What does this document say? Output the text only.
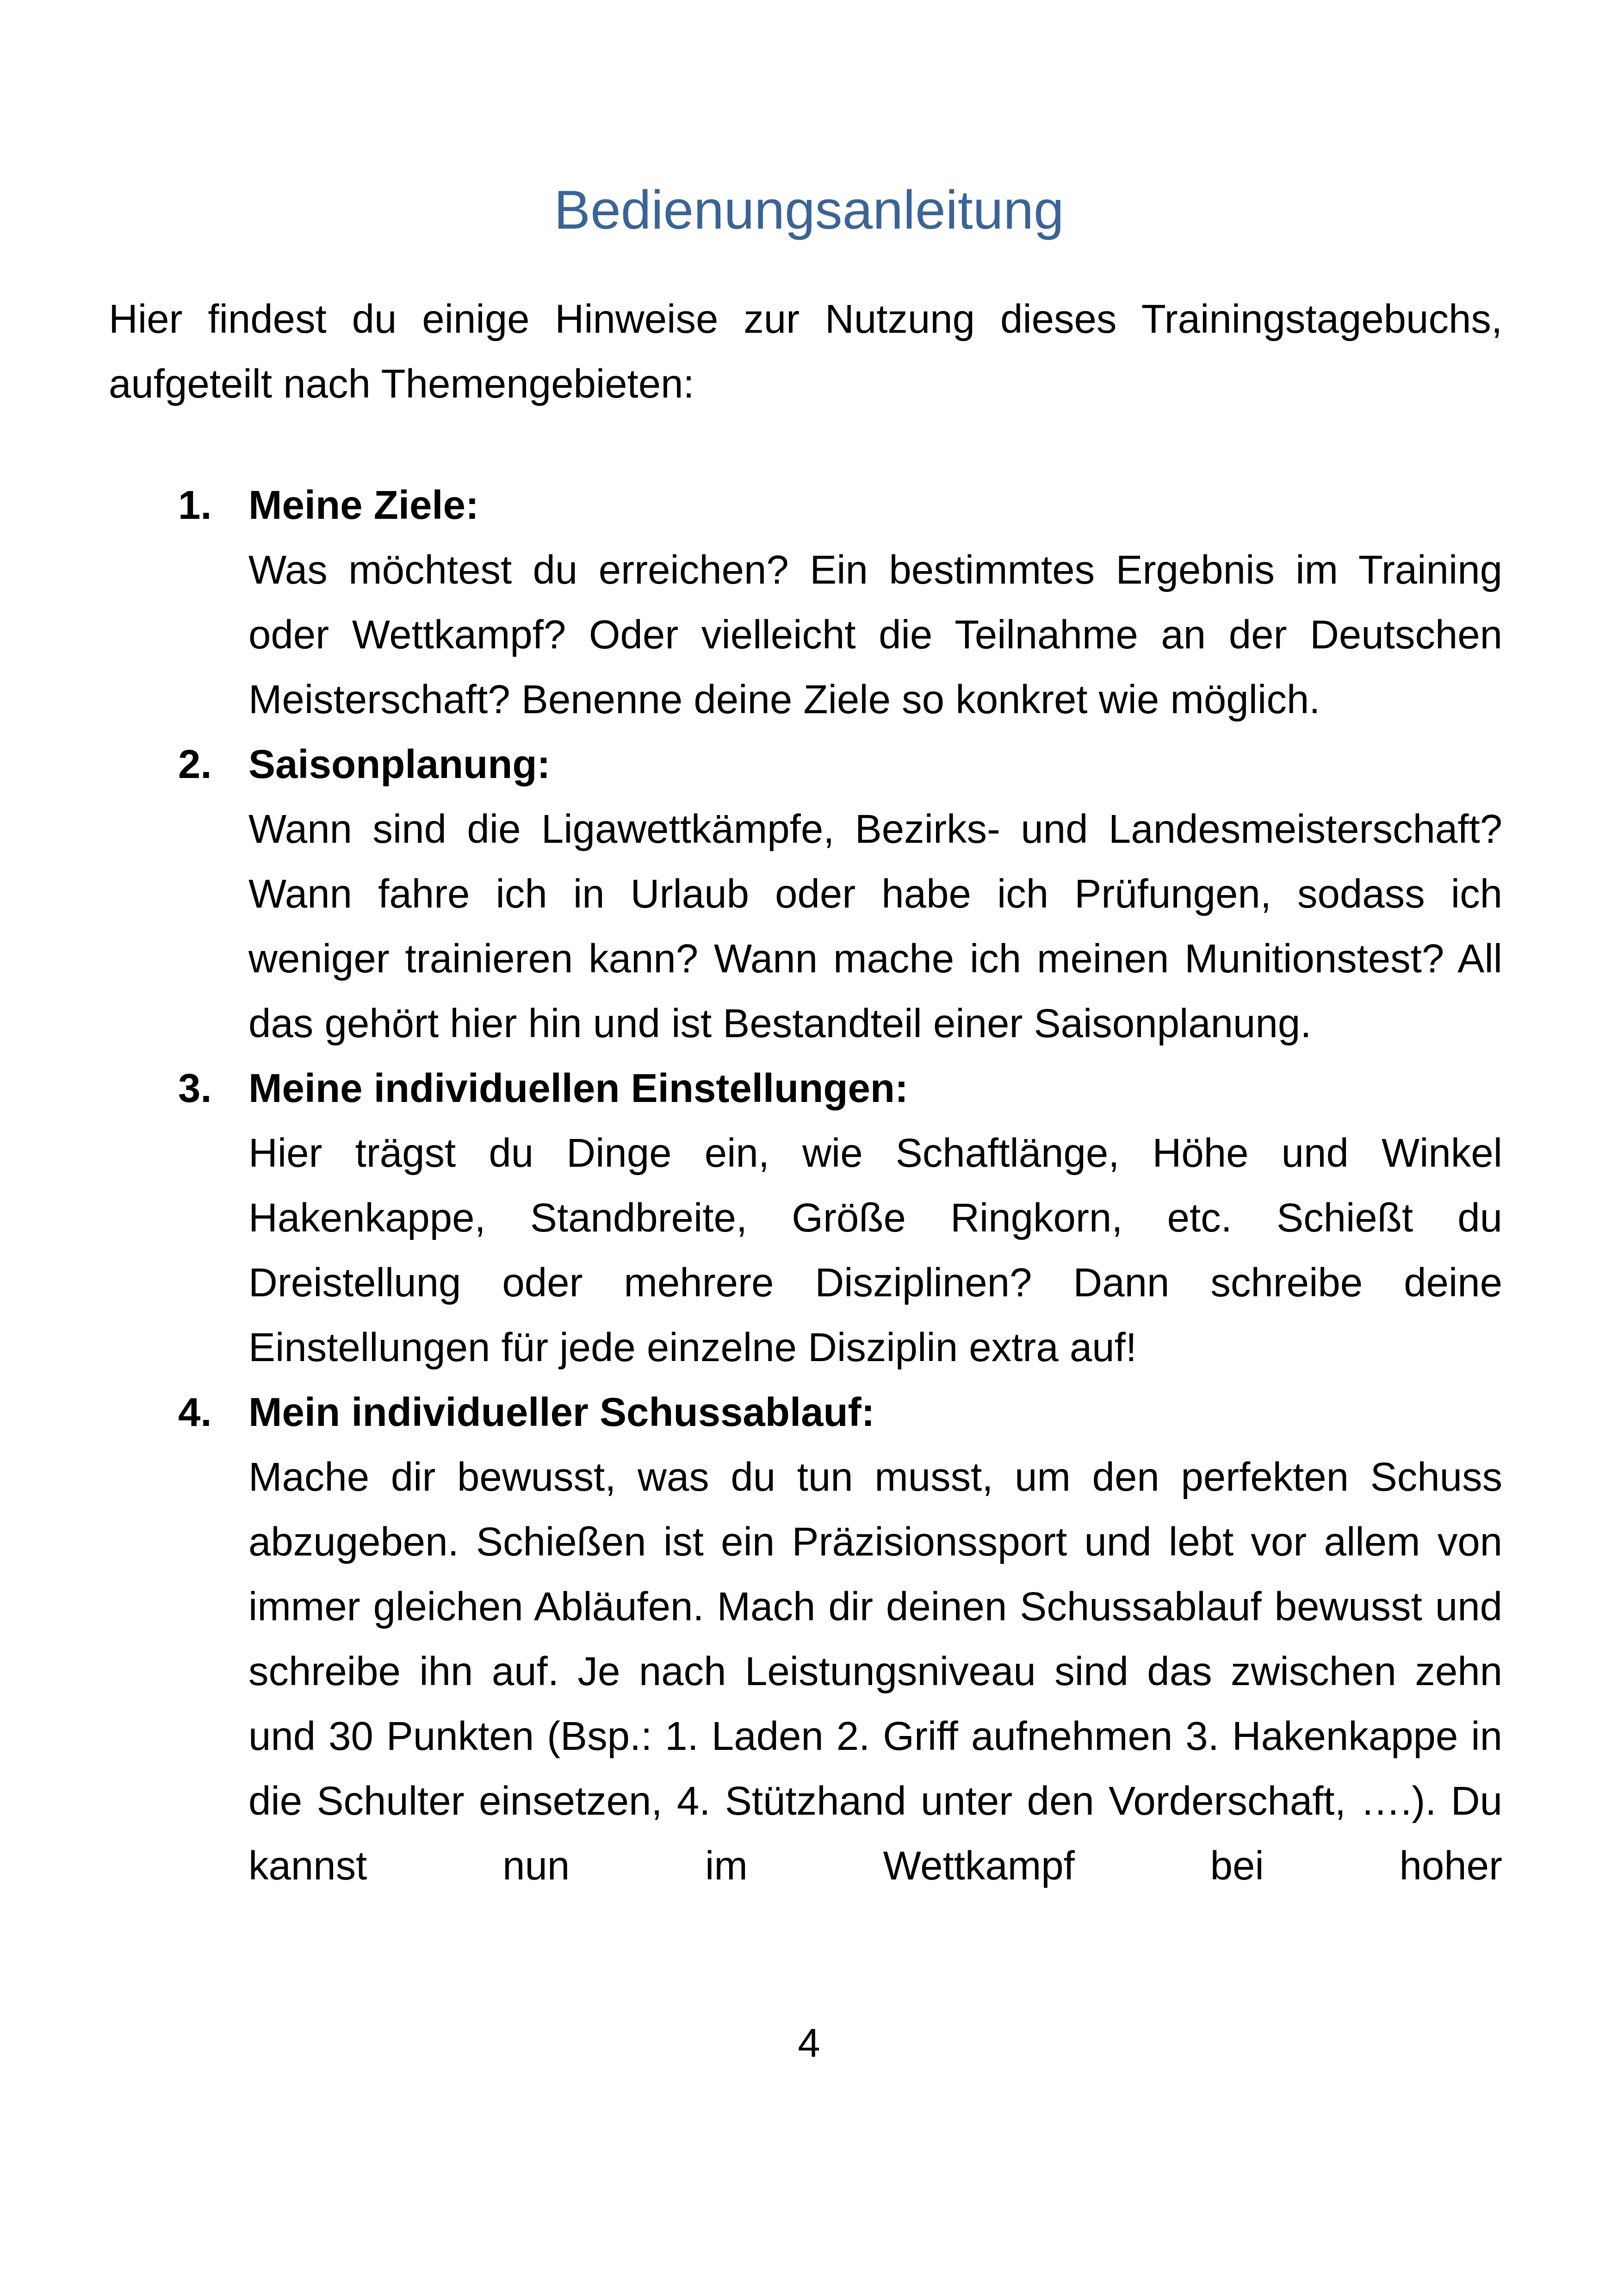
Bedienungsanleitung

Hier findest du einige Hinweise zur Nutzung dieses Trainingstagebuchs, aufgeteilt nach Themengebieten:

1. Meine Ziele:
Was möchtest du erreichen? Ein bestimmtes Ergebnis im Training oder Wettkampf? Oder vielleicht die Teilnahme an der Deutschen Meisterschaft? Benenne deine Ziele so konkret wie möglich.
2. Saisonplanung:
Wann sind die Ligawettkämpfe, Bezirks- und Landesmeisterschaft? Wann fahre ich in Urlaub oder habe ich Prüfungen, sodass ich weniger trainieren kann? Wann mache ich meinen Munitionstest? All das gehört hier hin und ist Bestandteil einer Saisonplanung.
3. Meine individuellen Einstellungen:
Hier trägst du Dinge ein, wie Schaftlänge, Höhe und Winkel Hakenkappe, Standbreite, Größe Ringkorn, etc. Schießt du Dreistellung oder mehrere Disziplinen? Dann schreibe deine Einstellungen für jede einzelne Disziplin extra auf!
4. Mein individueller Schussablauf:
Mache dir bewusst, was du tun musst, um den perfekten Schuss abzugeben. Schießen ist ein Präzisionssport und lebt vor allem von immer gleichen Abläufen. Mach dir deinen Schussablauf bewusst und schreibe ihn auf. Je nach Leistungsniveau sind das zwischen zehn und 30 Punkten (Bsp.: 1. Laden 2. Griff aufnehmen 3. Hakenkappe in die Schulter einsetzen, 4. Stützhand unter den Vorderschaft, ….). Du kannst nun im Wettkampf bei hoher
4
